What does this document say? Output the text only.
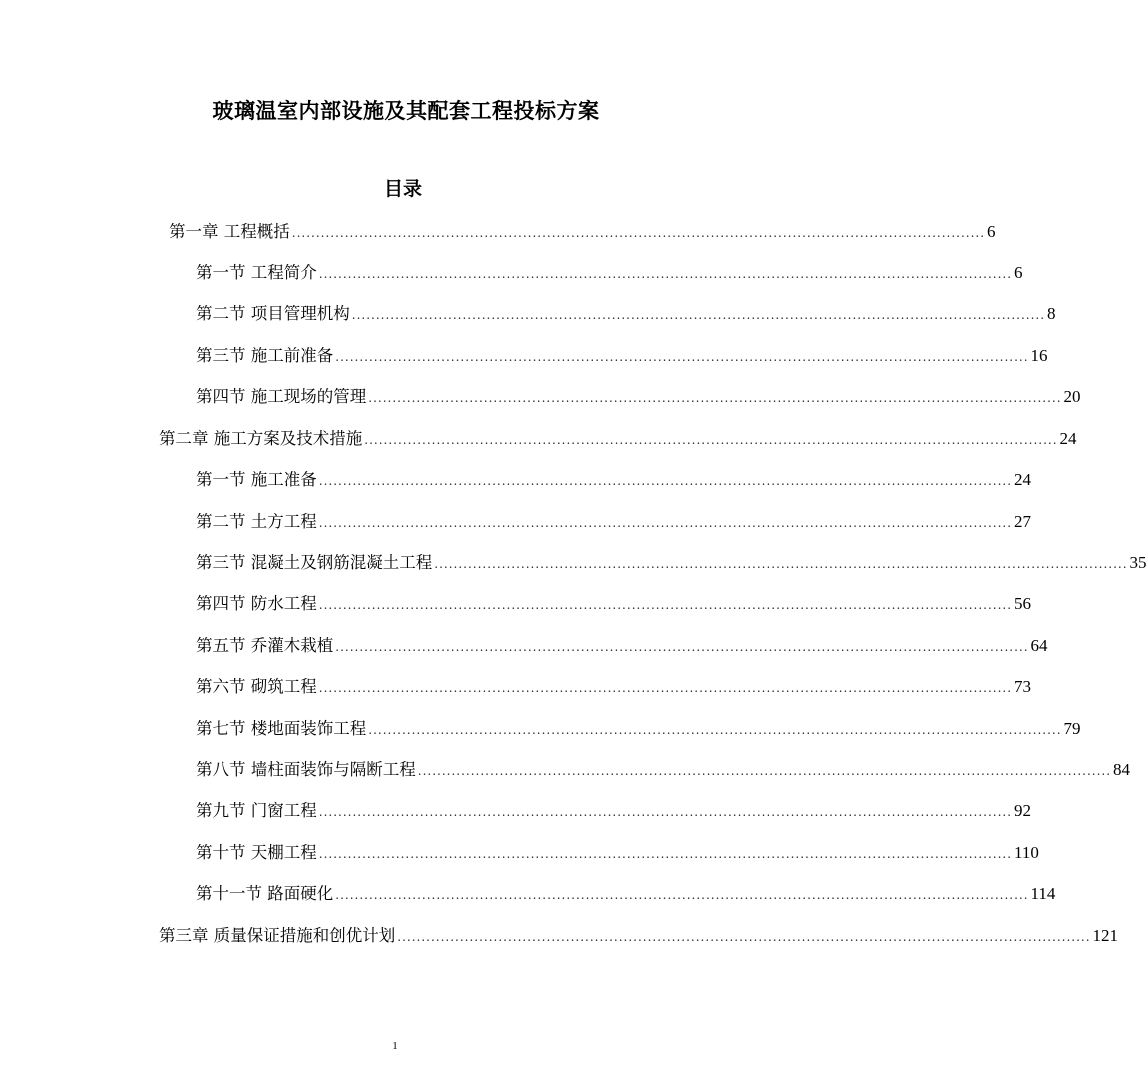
玻璃温室内部设施及其配套工程投标方案
目录
第一章 工程概括 ................................................................................................................................................ 6
第一节 工程简介 ................................................................................................................................................ 6
第二节 项目管理机构 ................................................................................................................................................ 8
第三节 施工前准备 ................................................................................................................................................ 16
第四节 施工现场的管理 ................................................................................................................................................ 20
第二章 施工方案及技术措施 ................................................................................................................................................ 24
第一节 施工准备 ................................................................................................................................................ 24
第二节 土方工程 ................................................................................................................................................ 27
第三节 混凝土及钢筋混凝土工程 ................................................................................................................................................ 35
第四节 防水工程 ................................................................................................................................................ 56
第五节 乔灌木栽植 ................................................................................................................................................ 64
第六节 砌筑工程 ................................................................................................................................................ 73
第七节 楼地面装饰工程 ................................................................................................................................................ 79
第八节 墙柱面装饰与隔断工程 ................................................................................................................................................ 84
第九节 门窗工程 ................................................................................................................................................ 92
第十节 天棚工程 ................................................................................................................................................ 110
第十一节 路面硬化 ................................................................................................................................................ 114
第三章 质量保证措施和创优计划 ................................................................................................................................................ 121
1
